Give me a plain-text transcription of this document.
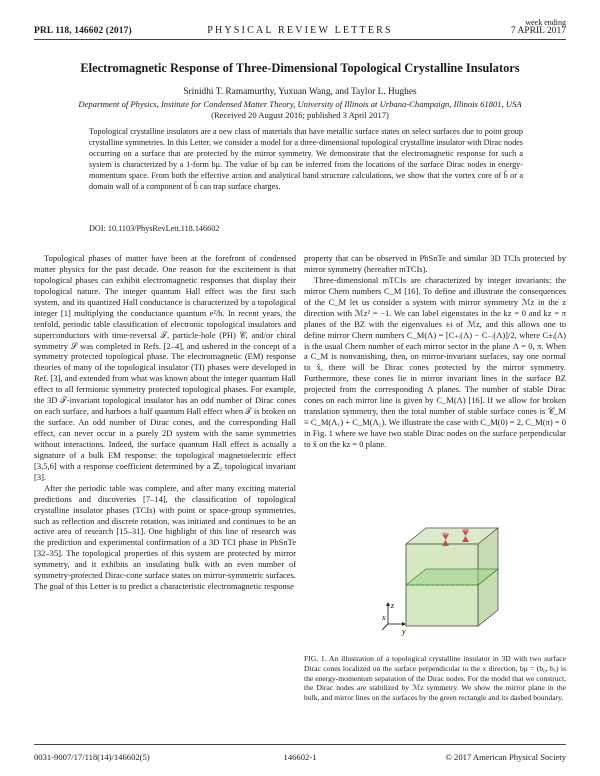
PRL 118, 146602 (2017)	PHYSICAL REVIEW LETTERS
week ending
7 APRIL 2017
Electromagnetic Response of Three-Dimensional Topological Crystalline Insulators
Srinidhi T. Ramamurthy, Yuxuan Wang, and Taylor L. Hughes
Department of Physics, Institute for Condensed Matter Theory, University of Illinois at Urbana-Champaign, Illinois 61801, USA
(Received 20 August 2016; published 3 April 2017)
Topological crystalline insulators are a new class of materials that have metallic surface states on select surfaces due to point group crystalline symmetries. In this Letter, we consider a model for a three-dimensional topological crystalline insulator with Dirac nodes occurring on a surface that are protected by the mirror symmetry. We demonstrate that the electromagnetic response for such a system is characterized by a 1-form bμ. The value of bμ can be inferred from the locations of the surface Dirac nodes in energy-momentum space. From both the effective action and analytical band structure calculations, we show that the vortex core of b̃ or a domain wall of a component of b̃ can trap surface charges.
DOI: 10.1103/PhysRevLett.118.146602

Topological phases of matter have been at the forefront of condensed matter physics for the past decade. One reason for the excitement is that topological phases can exhibit electromagnetic responses that display their topological nature. The integer quantum Hall effect was the first such system, and its quantized Hall conductance is characterized by a topological integer [1] multiplying the conductance quantum e²/h. In recent years, the tenfold, periodic table classification of electronic topological insulators and superconductors with time-reversal 𝒯, particle-hole (PH) 𝒞, and/or chiral symmetry 𝒮 was completed in Refs. [2–4], and ushered in the concept of a symmetry protected topological phase. The electromagnetic (EM) response theories of many of the topological insulator (TI) phases were developed in Ref. [3], and extended from what was known about the integer quantum Hall effect to all fermionic symmetry protected topological phases. For example, the 3D 𝒯-invariant topological insulator has an odd number of Dirac cones on each surface, and harbors a half quantum Hall effect when 𝒯 is broken on the surface. An odd number of Dirac cones, and the corresponding Hall effect, can never occur in a purely 2D system with the same symmetries without interactions. Indeed, the surface quantum Hall effect is actually a signature of a bulk EM response: the topological magnetoelectric effect [3,5,6] with a response coefficient determined by a ℤ₂ topological invariant [3].

After the periodic table was complete, and after many exciting material predictions and discoveries [7–14], the classification of topological crystalline insulator phases (TCIs) with point or space-group symmetries, such as reflection and discrete rotation, was initiated and continues to be an active area of research [15–31]. One highlight of this line of research was the prediction and experimental confirmation of a 3D TCI phase in PbSnTe [32–35]. The topological properties of this system are protected by mirror symmetry, and it exhibits an insulating bulk with an even number of symmetry-protected Dirac-cone surface states on mirror-symmetric surfaces. The goal of this Letter is to predict a characteristic electromagnetic response

property that can be observed in PbSnTe and similar 3D TCIs protected by mirror symmetry (hereafter mTCIs).

Three-dimensional mTCIs are characterized by integer invariants: the mirror Chern numbers C_M [16]. To define and illustrate the consequences of the C_M let us consider a system with mirror symmetry ℳz in the z direction with ℳz² = −1. We can label eigenstates in the kz = 0 and kz = π planes of the BZ with the eigenvalues ±i of ℳz, and this allows one to define mirror Chern numbers C_M(Λ) = [C₊ᵢ(Λ) − C₋ᵢ(Λ)]/2, where C±ᵢ(Λ) is the usual Chern number of each mirror sector in the plane Λ = 0, π. When a C_M is nonvanishing, then, on mirror-invariant surfaces, say one normal to x̂, there will be Dirac cones protected by the mirror symmetry. Furthermore, these cones lie in mirror invariant lines in the surface BZ projected from the corresponding Λ planes. The number of stable Dirac cones on each mirror line is given by C_M(Λ) [16]. If we allow for broken translation symmetry, then the total number of stable surface cones is 𝒞_M ≡ C_M(Λ₁) + C_M(Λ₂). We illustrate the case with C_M(0) = 2, C_M(π) = 0 in Fig. 1 where we have two stable Dirac nodes on the surface perpendicular to x̂ on the kz = 0 plane.

z
x
y
FIG. 1. An illustration of a topological crystalline insulator in 3D with two surface Dirac cones localized on the surface perpendicular to the x direction, bμ = (b₀, bₓ) is the energy-momentum separation of the Dirac nodes. For the model that we construct, the Dirac nodes are stabilized by ℳz symmetry. We show the mirror plane in the bulk, and mirror lines on the surfaces by the green rectangle and its dashed boundary.
0031-9007/17/118(14)/146602(5)	146602-1	© 2017 American Physical Society
